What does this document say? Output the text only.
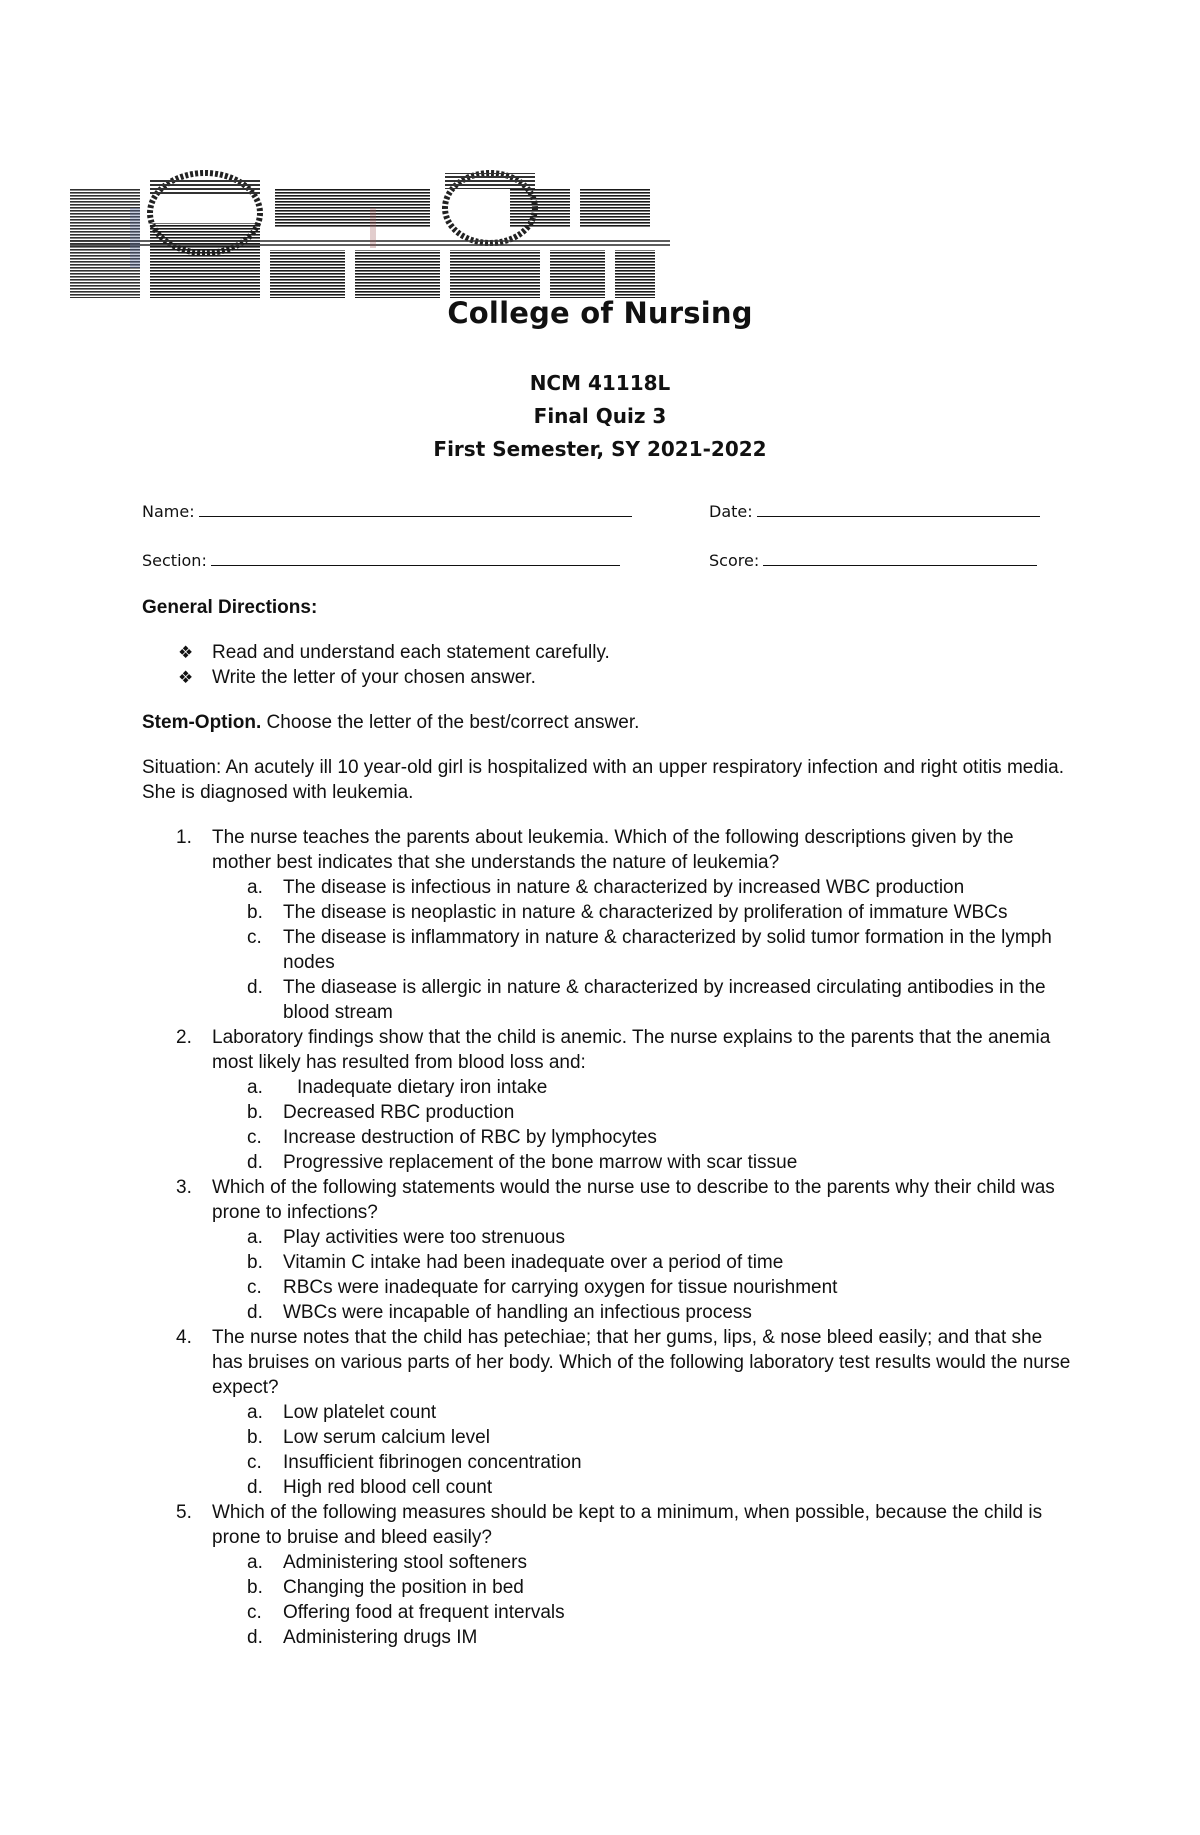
College of Nursing
NCM 41118L
Final Quiz 3
First Semester, SY 2021-2022
Name:	Date:
Section:	Score:
General Directions:
❖ Read and understand each statement carefully.
❖ Write the letter of your chosen answer.
Stem-Option. Choose the letter of the best/correct answer.
Situation: An acutely ill 10 year-old girl is hospitalized with an upper respiratory infection and right otitis media. She is diagnosed with leukemia.
1. The nurse teaches the parents about leukemia. Which of the following descriptions given by the mother best indicates that she understands the nature of leukemia?
a. The disease is infectious in nature & characterized by increased WBC production
b. The disease is neoplastic in nature & characterized by proliferation of immature WBCs
c. The disease is inflammatory in nature & characterized by solid tumor formation in the lymph nodes
d. The diasease is allergic in nature & characterized by increased circulating antibodies in the blood stream
2. Laboratory findings show that the child is anemic. The nurse explains to the parents that the anemia most likely has resulted from blood loss and:
a. Inadequate dietary iron intake
b. Decreased RBC production
c. Increase destruction of RBC by lymphocytes
d. Progressive replacement of the bone marrow with scar tissue
3. Which of the following statements would the nurse use to describe to the parents why their child was prone to infections?
a. Play activities were too strenuous
b. Vitamin C intake had been inadequate over a period of time
c. RBCs were inadequate for carrying oxygen for tissue nourishment
d. WBCs were incapable of handling an infectious process
4. The nurse notes that the child has petechiae; that her gums, lips, & nose bleed easily; and that she has bruises on various parts of her body. Which of the following laboratory test results would the nurse expect?
a. Low platelet count
b. Low serum calcium level
c. Insufficient fibrinogen concentration
d. High red blood cell count
5. Which of the following measures should be kept to a minimum, when possible, because the child is prone to bruise and bleed easily?
a. Administering stool softeners
b. Changing the position in bed
c. Offering food at frequent intervals
d. Administering drugs IM
